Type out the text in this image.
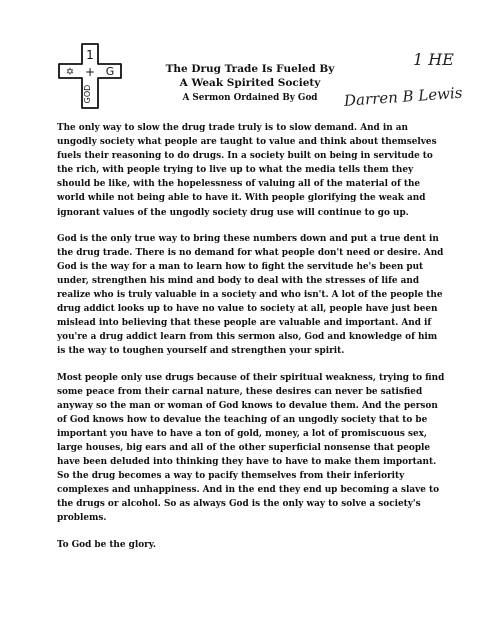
1
✡ + G
GOD
The Drug Trade Is Fueled By
A Weak Spirited Society
A Sermon Ordained By God
1 HE
Darren B Lewis

The only way to slow the drug trade truly is to slow demand. And in an ungodly society what people are taught to value and think about themselves fuels their reasoning to do drugs. In a society built on being in servitude to the rich, with people trying to live up to what the media tells them they should be like, with the hopelessness of valuing all of the material of the world while not being able to have it. With people glorifying the weak and ignorant values of the ungodly society drug use will continue to go up.

God is the only true way to bring these numbers down and put a true dent in the drug trade. There is no demand for what people don't need or desire. And God is the way for a man to learn how to fight the servitude he's been put under, strengthen his mind and body to deal with the stresses of life and realize who is truly valuable in a society and who isn't. A lot of the people the drug addict looks up to have no value to society at all, people have just been mislead into believing that these people are valuable and important. And if you're a drug addict learn from this sermon also, God and knowledge of him is the way to toughen yourself and strengthen your spirit.

Most people only use drugs because of their spiritual weakness, trying to find some peace from their carnal nature, these desires can never be satisfied anyway so the man or woman of God knows to devalue them. And the person of God knows how to devalue the teaching of an ungodly society that to be important you have to have a ton of gold, money, a lot of promiscuous sex, large houses, big ears and all of the other superficial nonsense that people have been deluded into thinking they have to have to make them important. So the drug becomes a way to pacify themselves from their inferiority complexes and unhappiness. And in the end they end up becoming a slave to the drugs or alcohol. So as always God is the only way to solve a society's problems.

To God be the glory.
